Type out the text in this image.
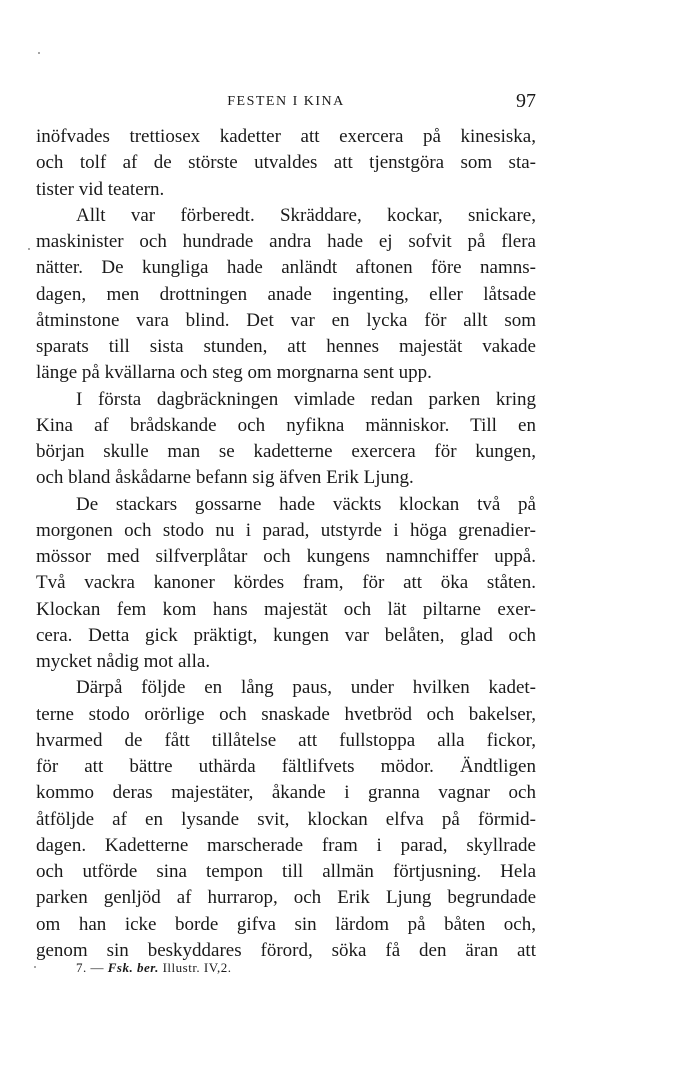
FESTEN I KINA	97
inöfvades trettiosex kadetter att exercera på kinesiska,
och tolf af de störste utvaldes att tjenstgöra som sta-
tister vid teatern.
Allt var förberedt. Skräddare, kockar, snickare,
maskinister och hundrade andra hade ej sofvit på flera
nätter. De kungliga hade anländt aftonen före namns-
dagen, men drottningen anade ingenting, eller låtsade
åtminstone vara blind. Det var en lycka för allt som
sparats till sista stunden, att hennes majestät vakade
länge på kvällarna och steg om morgnarna sent upp.
I första dagbräckningen vimlade redan parken kring
Kina af brådskande och nyfikna människor. Till en
början skulle man se kadetterne exercera för kungen,
och bland åskådarne befann sig äfven Erik Ljung.
De stackars gossarne hade väckts klockan två på
morgonen och stodo nu i parad, utstyrde i höga grenadier-
mössor med silfverplåtar och kungens namnchiffer uppå.
Två vackra kanoner kördes fram, för att öka ståten.
Klockan fem kom hans majestät och lät piltarne exer-
cera. Detta gick präktigt, kungen var belåten, glad och
mycket nådig mot alla.
Därpå följde en lång paus, under hvilken kadet-
terne stodo orörlige och snaskade hvetbröd och bakelser,
hvarmed de fått tillåtelse att fullstoppa alla fickor,
för att bättre uthärda fältlifvets mödor. Ändtligen
kommo deras majestäter, åkande i granna vagnar och
åtföljde af en lysande svit, klockan elfva på förmid-
dagen. Kadetterne marscherade fram i parad, skyllrade
och utförde sina tempon till allmän förtjusning. Hela
parken genljöd af hurrarop, och Erik Ljung begrundade
om han icke borde gifva sin lärdom på båten och,
genom sin beskyddares förord, söka få den äran att
7. — Fsk. ber. Illustr. IV,2.
